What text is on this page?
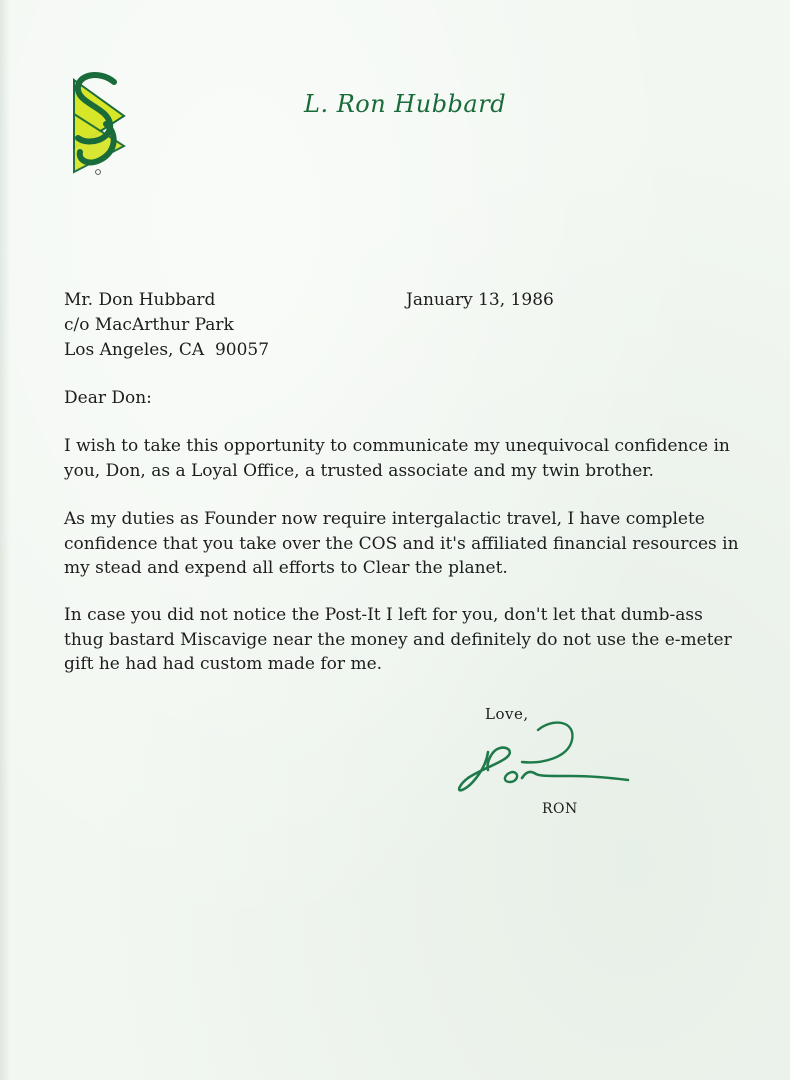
L. Ron Hubbard
Mr. Don Hubbard
c/o MacArthur Park
Los Angeles, CA  90057
January 13, 1986
Dear Don:
I wish to take this opportunity to communicate my unequivocal confidence in
you, Don, as a Loyal Office, a trusted associate and my twin brother.
As my duties as Founder now require intergalactic travel, I have complete
confidence that you take over the COS and it's affiliated financial resources in
my stead and expend all efforts to Clear the planet.
In case you did not notice the Post-It I left for you, don't let that dumb-ass
thug bastard Miscavige near the money and definitely do not use the e-meter
gift he had had custom made for me.
Love,
RON
